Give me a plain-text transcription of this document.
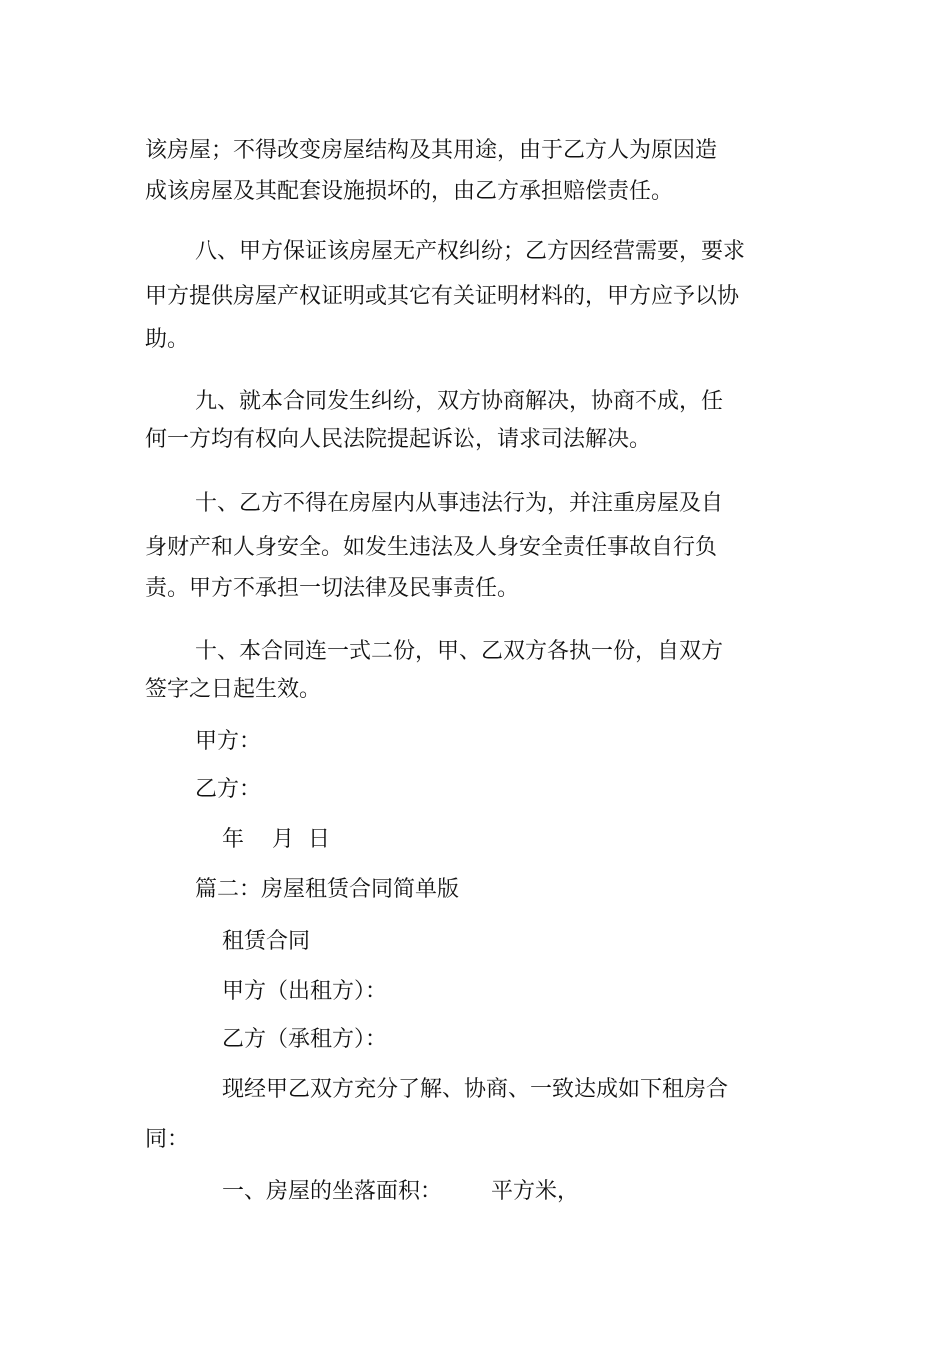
该房屋；不得改变房屋结构及其用途，由于乙方人为原因造
成该房屋及其配套设施损坏的，由乙方承担赔偿责任。
八、甲方保证该房屋无产权纠纷；乙方因经营需要，要求
甲方提供房屋产权证明或其它有关证明材料的，甲方应予以协
助。
九、就本合同发生纠纷，双方协商解决，协商不成，任
何一方均有权向人民法院提起诉讼，请求司法解决。
十、乙方不得在房屋内从事违法行为，并注重房屋及自
身财产和人身安全。如发生违法及人身安全责任事故自行负
责。甲方不承担一切法律及民事责任。
十、本合同连一式二份，甲、乙双方各执一份，自双方
签字之日起生效。
甲方：
乙方：
年    月  日
篇二：房屋租赁合同简单版
租赁合同
甲方（出租方）：
乙方（承租方）：
现经甲乙双方充分了解、协商、一致达成如下租房合
同：
一、房屋的坐落面积：       平方米，
